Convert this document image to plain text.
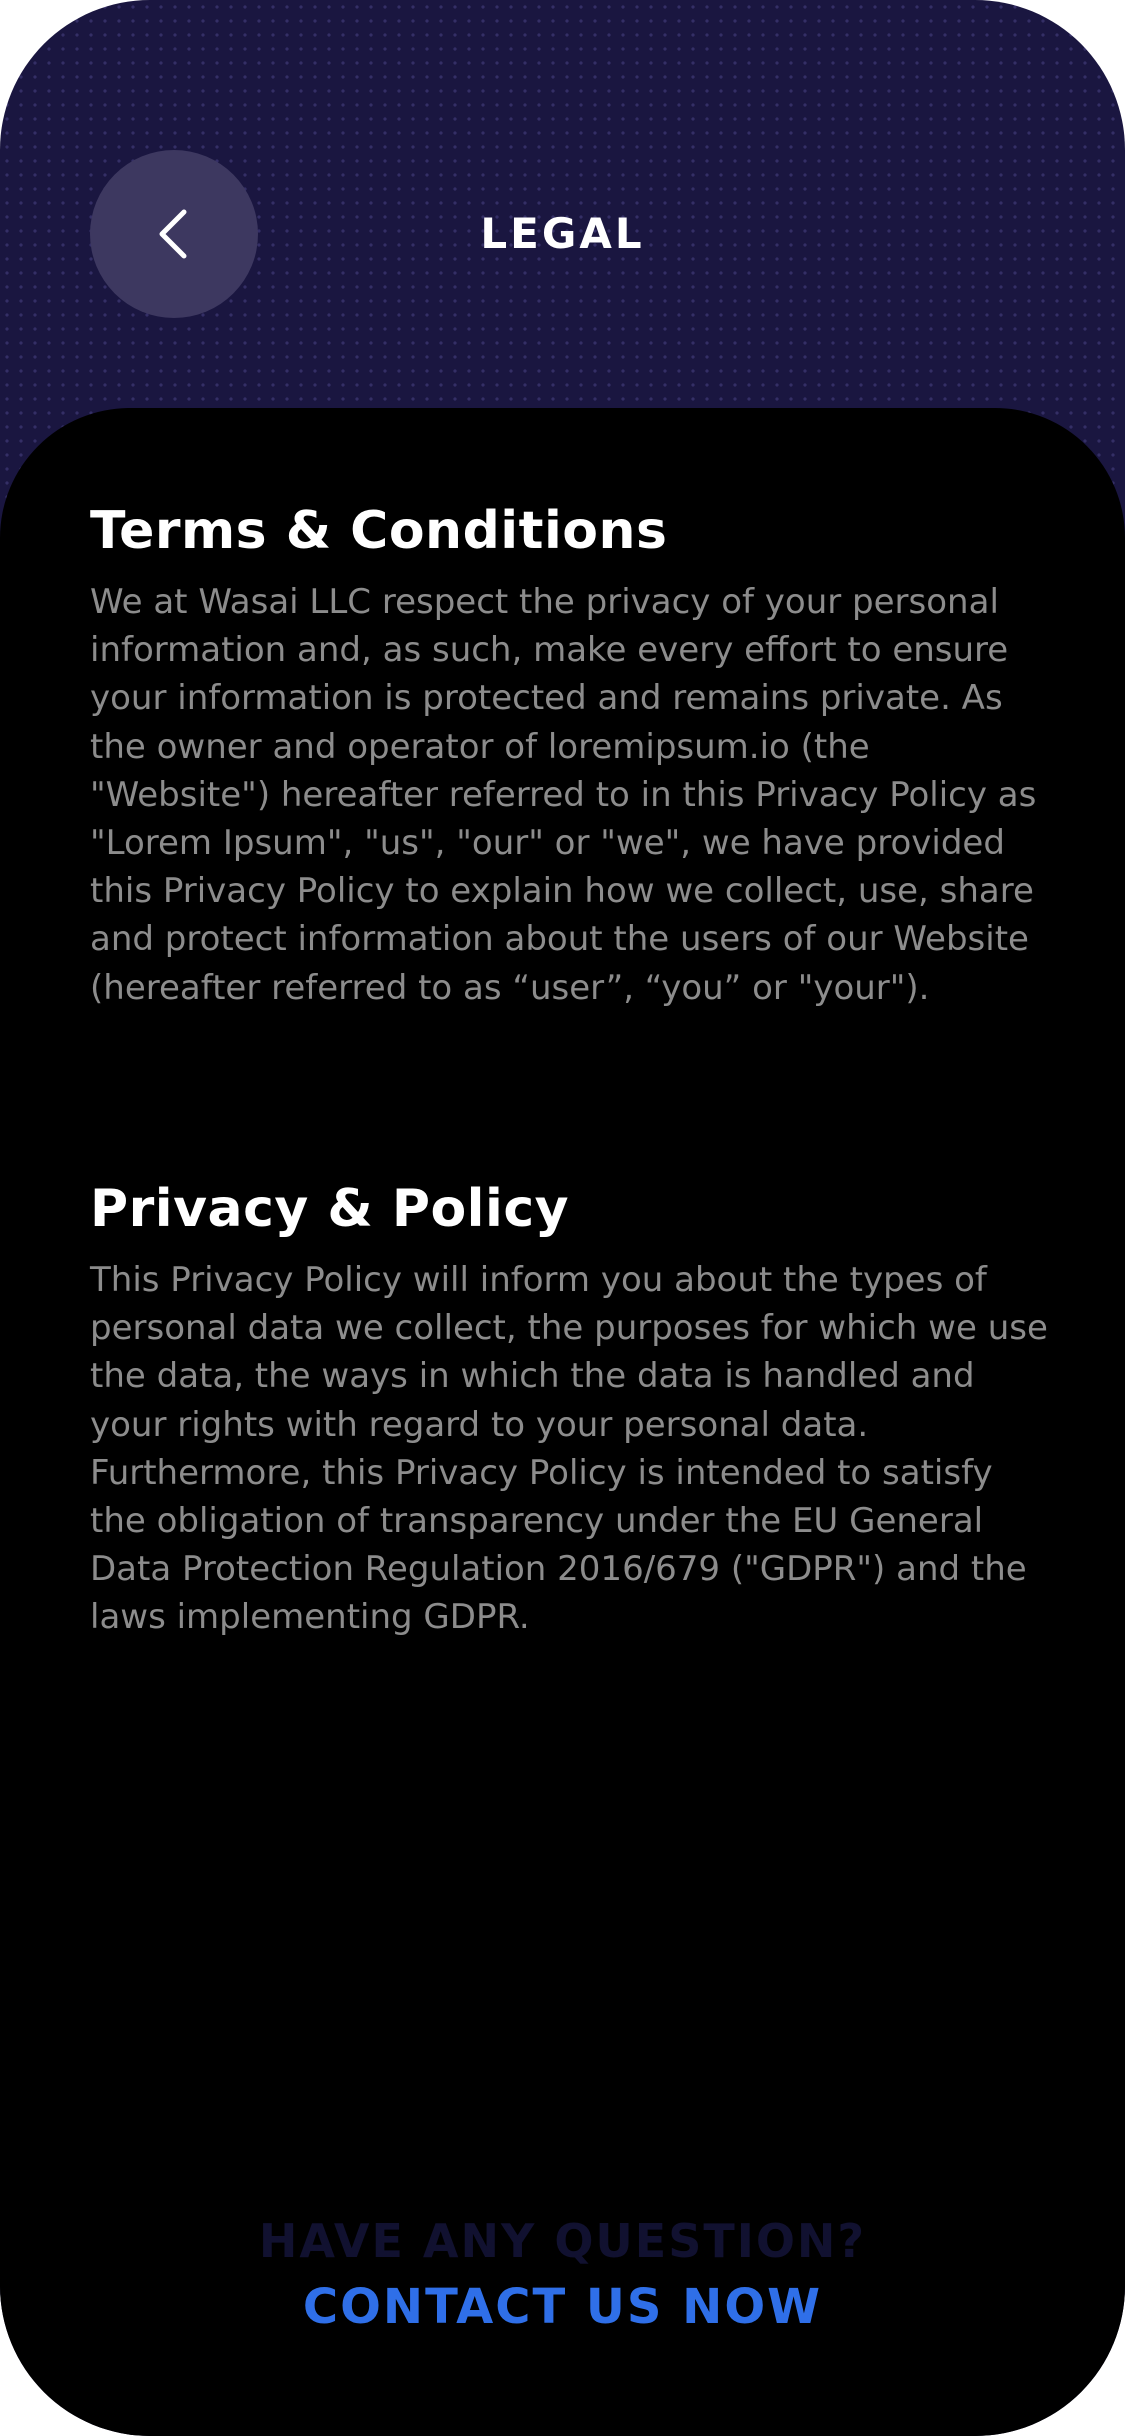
LEGAL
Terms & Conditions

We at Wasai LLC respect the privacy of your personal information and, as such, make every effort to ensure your information is protected and remains private. As the owner and operator of loremipsum.io (the "Website") hereafter referred to in this Privacy Policy as "Lorem Ipsum", "us", "our" or "we", we have provided this Privacy Policy to explain how we collect, use, share and protect information about the users of our Website (hereafter referred to as “user”, “you” or "your").

Privacy & Policy

This Privacy Policy will inform you about the types of personal data we collect, the purposes for which we use the data, the ways in which the data is handled and your rights with regard to your personal data. Furthermore, this Privacy Policy is intended to satisfy the obligation of transparency under the EU General Data Protection Regulation 2016/679 ("GDPR") and the laws implementing GDPR.

HAVE ANY QUESTION?
CONTACT US NOW
